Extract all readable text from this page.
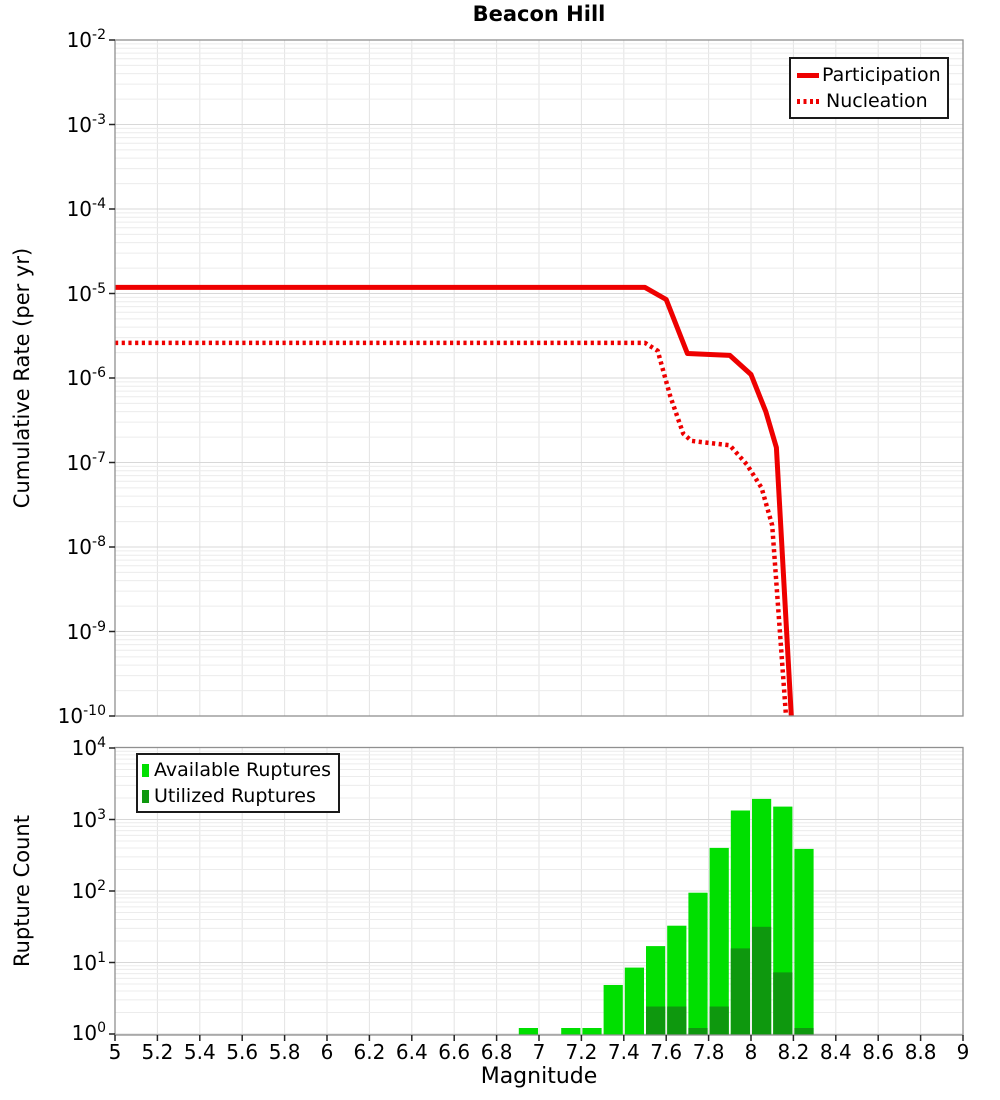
Beacon Hill
Cumulative Rate (per yr)
Rupture Count
Magnitude
Participation
Nucleation
Available Ruptures
Utilized Ruptures
$10^{-2}$
$10^{-3}$
$10^{-4}$
$10^{-5}$
$10^{-6}$
$10^{-7}$
$10^{-8}$
$10^{-9}$
$10^{-10}$
$10^4$
$10^3$
$10^2$
$10^1$
$10^0$
5	5.2 5.4 5.6 5.8	6	6.2 6.4 6.6 6.8	7	7.2 7.4 7.6 7.8	8	8.2 8.4 8.6 8.8	9
